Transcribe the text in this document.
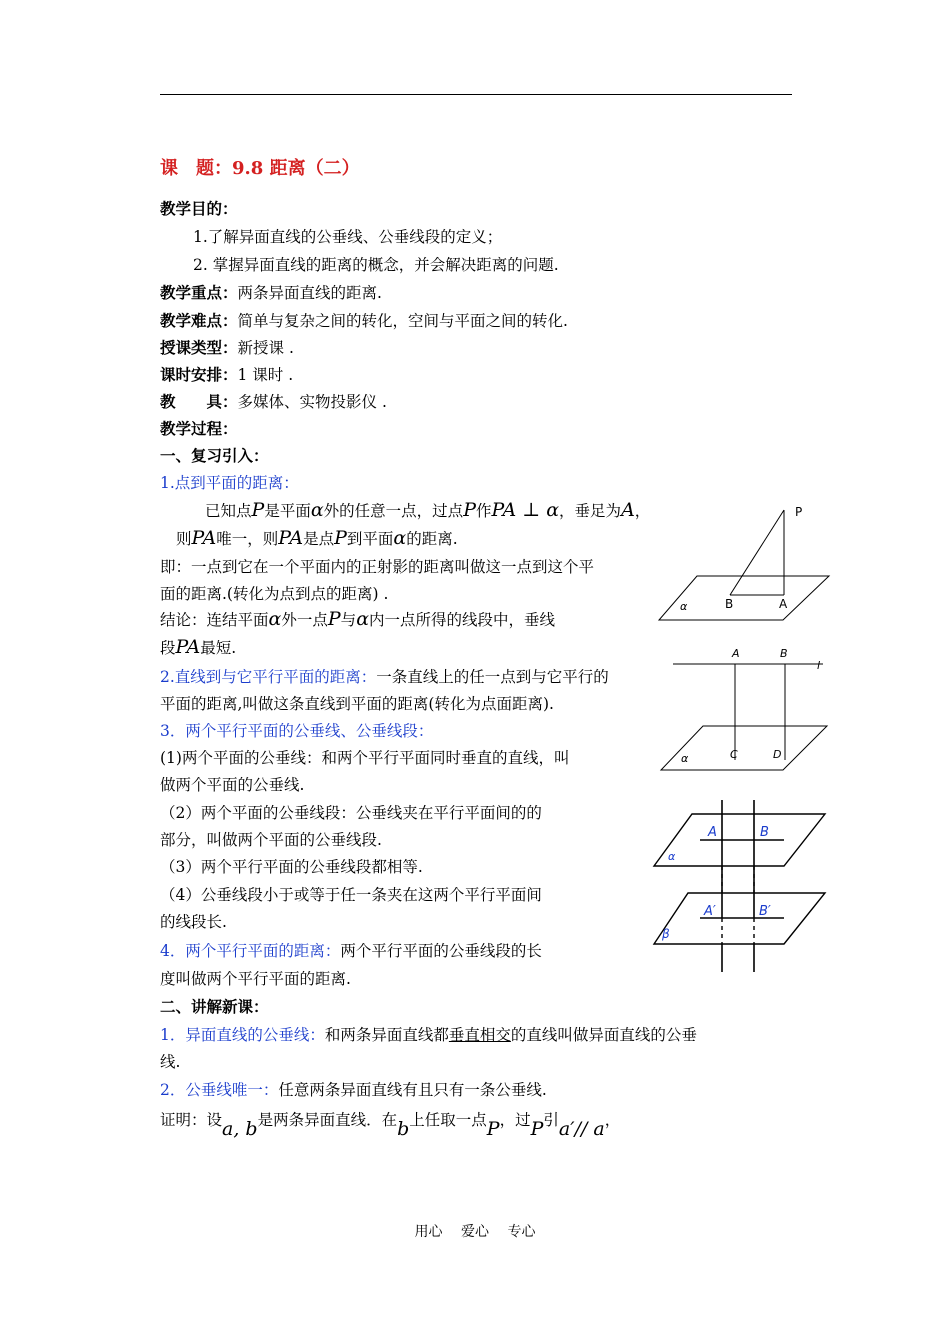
课　题：9.8 距离（二）
教学目的：
1.了解异面直线的公垂线、公垂线段的定义；
2. 掌握异面直线的距离的概念，并会解决距离的问题.
教学重点：两条异面直线的距离.
教学难点：简单与复杂之间的转化，空间与平面之间的转化.
授课类型：新授课 .
课时安排：1 课时 .
教　　具：多媒体、实物投影仪 .
教学过程：
一、复习引入：
1.点到平面的距离：
已知点P是平面α外的任意一点，过点P作PA ⊥ α，垂足为A，
则PA唯一，则PA是点P到平面α的距离.
即：一点到它在一个平面内的正射影的距离叫做这一点到这个平
面的距离.(转化为点到点的距离) .
结论：连结平面α外一点P与α内一点所得的线段中，垂线
段PA最短.
2.直线到与它平行平面的距离：一条直线上的任一点到与它平行的
平面的距离,叫做这条直线到平面的距离(转化为点面距离).
3．两个平行平面的公垂线、公垂线段：
(1)两个平面的公垂线：和两个平行平面同时垂直的直线，叫
做两个平面的公垂线.
（2）两个平面的公垂线段：公垂线夹在平行平面间的的
部分，叫做两个平面的公垂线段.
（3）两个平行平面的公垂线段都相等.
（4）公垂线段小于或等于任一条夹在这两个平行平面间
的线段长.
4．两个平行平面的距离：两个平行平面的公垂线段的长
度叫做两个平行平面的距离.
二、讲解新课：
1．异面直线的公垂线：和两条异面直线都垂直相交的直线叫做异面直线的公垂
线.
2．公垂线唯一：任意两条异面直线有且只有一条公垂线.
证明：设a, b是两条异面直线．在b上任取一点P，过P引a′// a，
P
B	A
α
A	B
l
C	D
α
A	B
α
A′	B′
β
用心 爱心 专心
